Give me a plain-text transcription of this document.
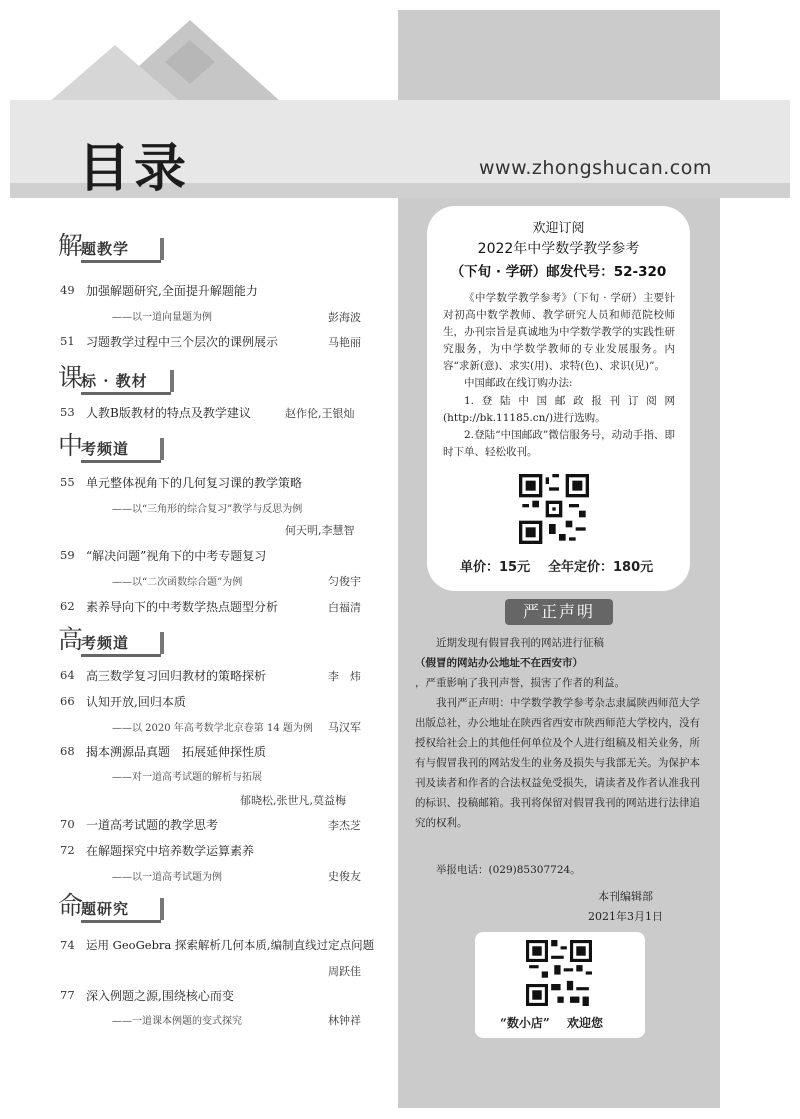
目录	www.zhongshucan.com
解
题教学
49 加强解题研究,全面提升解题能力
——以一道向量题为例	彭海波
51 习题教学过程中三个层次的课例展示	马艳丽
课
标 · 教材
53 人教B版教材的特点及教学建议	赵作伦,王银灿
中
考频道
55 单元整体视角下的几何复习课的教学策略
——以“三角形的综合复习”教学与反思为例
何天明,李慧智
59 “解决问题”视角下的中考专题复习
——以“二次函数综合题”为例	匀俊宇
62 素养导向下的中考数学热点题型分析	白福清
高
考频道
64 高三数学复习回归教材的策略探析	李　炜
66 认知开放,回归本质
——以 2020 年高考数学北京卷第 14 题为例 马汉军
68 揭本溯源品真题　拓展延伸探性质
——对一道高考试题的解析与拓展
郁晓松,张世凡,莫益梅
70 一道高考试题的教学思考	李杰芝
72 在解题探究中培养数学运算素养
——以一道高考试题为例	史俊友
命
题研究
74 运用 GeoGebra 探索解析几何本质,编制直线过定点问题
周跃佳
77 深入例题之源,围绕核心而变
——一道课本例题的变式探究	林钟祥
欢迎订阅
2022年中学数学教学参考
（下旬 · 学研）邮发代号：52-320
《中学数学教学参考》（下旬 · 学研）主要针对初高中数学教师、教学研究人员和师范院校师生，办刊宗旨是真诚地为中学数学教学的实践性研究服务，为中学数学教师的专业发展服务。内容“求新(意)、求实(用)、求特(色)、求识(见)”。
中国邮政在线订购办法:
1.登陆中国邮政报刊订阅网(http://bk.11185.cn/)进行选购。
2.登陆“中国邮政”微信服务号，动动手指、即时下单、轻松收刊。
单价：15元 全年定价：180元
严正声明
近期发现有假冒我刊的网站进行征稿
（假冒的网站办公地址不在西安市）
，严重影响了我刊声誉，损害了作者的利益。
我刊严正声明：中学数学教学参考杂志隶属陕西师范大学出版总社，办公地址在陕西省西安市陕西师范大学校内，没有授权给社会上的其他任何单位及个人进行组稿及相关业务，所有与假冒我刊的网站发生的业务及损失与我部无关。为保护本刊及读者和作者的合法权益免受损失，请读者及作者认准我刊的标识、投稿邮箱。我刊将保留对假冒我刊的网站进行法律追究的权利。
举报电话：(029)85307724。
本刊编辑部
2021年3月1日
“数小店” 欢迎您
